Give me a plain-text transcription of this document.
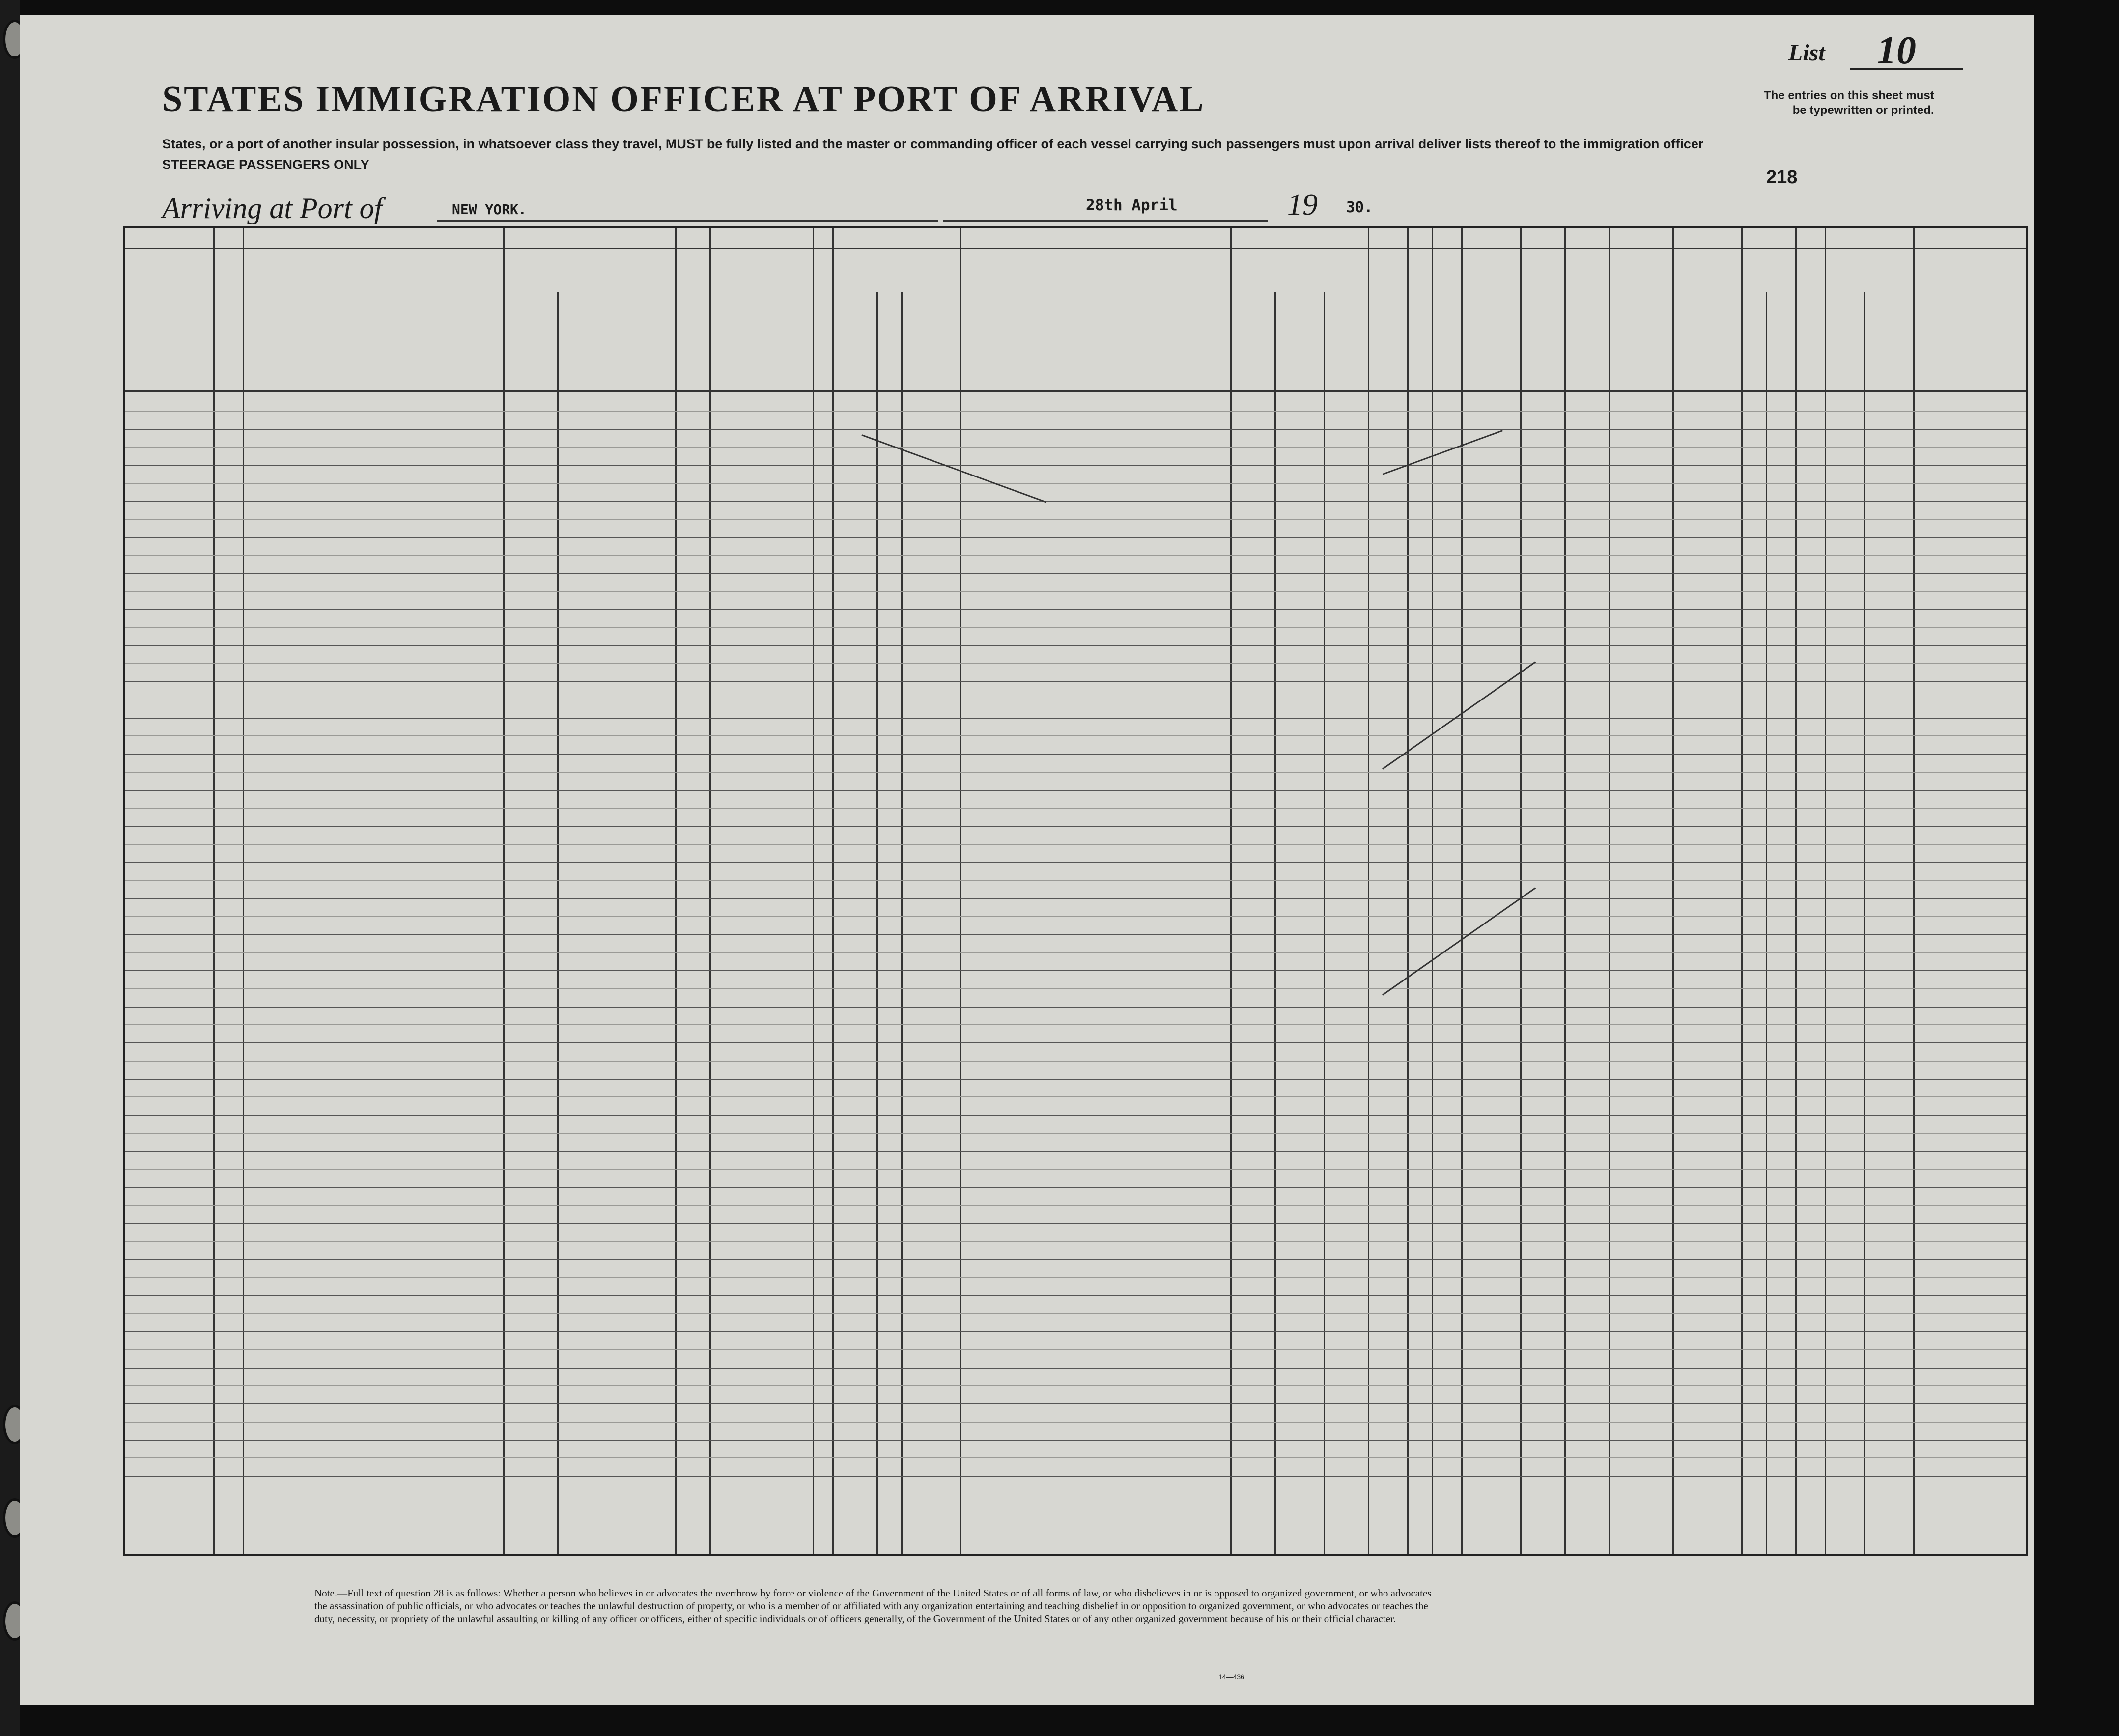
STATES IMMIGRATION OFFICER AT PORT OF ARRIVAL
States, or a port of another insular possession, in whatsoever class they travel, MUST be fully listed and the master or commanding officer of each vessel carrying such passengers must upon arrival deliver lists thereof to the immigration officer
STEERAGE PASSENGERS ONLY
List 10
The entries on this sheet must
be typewritten or printed.
218
Arriving at Port of	NEW YORK.	28th April	19 30.
Note.—Full text of question 28 is as follows: Whether a person who believes in or advocates the overthrow by force or violence of the Government of the United States or of all forms of law, or who disbelieves in or is opposed to organized government, or who advocates the assassination of public officials, or who advocates or teaches the unlawful destruction of property, or who is a member of or affiliated with any organization entertaining and teaching disbelief in or opposition to organized government, or who advocates or teaches the duty, necessity, or propriety of the unlawful assaulting or killing of any officer or officers, either of specific individuals or of officers generally, of the Government of the United States or of any other organized government because of his or their official character.
14—436
